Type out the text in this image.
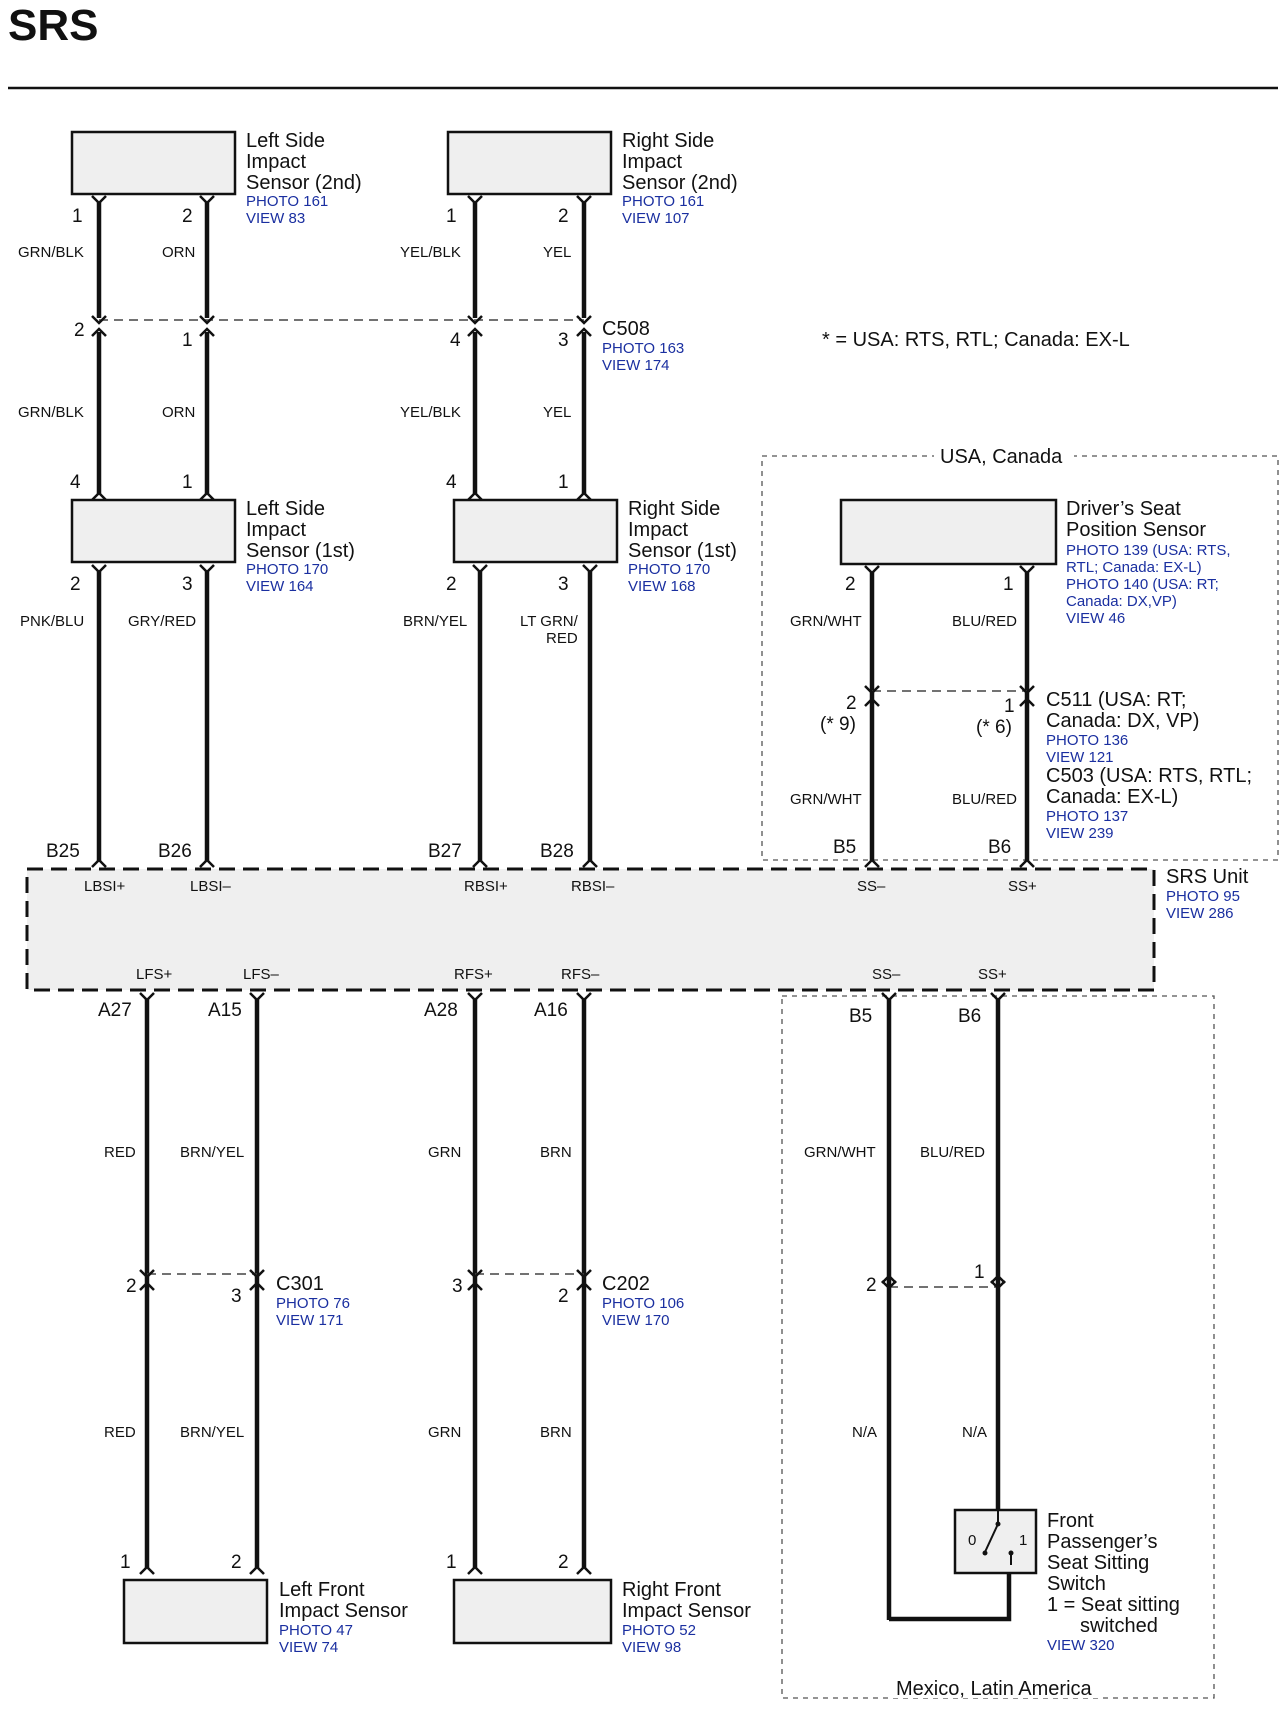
SRS
Left Side
Impact
Sensor (2nd)
PHOTO 161
VIEW 83
1	2
Right Side
Impact
Sensor (2nd)
PHOTO 161
VIEW 107
1	2
GRN/BLK	ORN	YEL/BLK	YEL
2	1	4	3
C508
PHOTO 163
VIEW 174
* = USA: RTS, RTL; Canada: EX-L
GRN/BLK	ORN	YEL/BLK	YEL
4	1
Left Side
Impact
Sensor (1st)
PHOTO 170
VIEW 164
2	3
4	1
Right Side
Impact
Sensor (1st)
PHOTO 170
VIEW 168
2	3
PNK/BLU	GRY/RED	BRN/YEL	LT GRN/
RED
USA, Canada
Driver’s Seat
Position Sensor
PHOTO 139 (USA: RTS,
RTL; Canada: EX-L)
PHOTO 140 (USA: RT;
Canada: DX,VP)
VIEW 46
2	1
GRN/WHT	BLU/RED
2
(* 9)
1
(* 6)
C511 (USA: RT;
Canada: DX, VP)
PHOTO 136
VIEW 121
C503 (USA: RTS, RTL;
Canada: EX-L)
PHOTO 137
VIEW 239
GRN/WHT	BLU/RED
B25	B26	B27	B28	B5	B6
SRS Unit
PHOTO 95
VIEW 286
LBSI+	LBSI–	RBSI+	RBSI–	SS–	SS+
LFS+	LFS–	RFS+	RFS–	SS–	SS+
A27	A15	A28	A16	B5	B6
Mexico, Latin America
RED	BRN/YEL	GRN	BRN	GRN/WHT	BLU/RED
2	3
C301
PHOTO 76
VIEW 171
3	2
C202
PHOTO 106
VIEW 170
2
1
RED	BRN/YEL	GRN	BRN	N/A	N/A
1	2
Left Front
Impact Sensor
PHOTO 47
VIEW 74
1	2
Right Front
Impact Sensor
PHOTO 52
VIEW 98
0	1
Front
Passenger’s
Seat Sitting
Switch
1 = Seat sitting
switched
VIEW 320
